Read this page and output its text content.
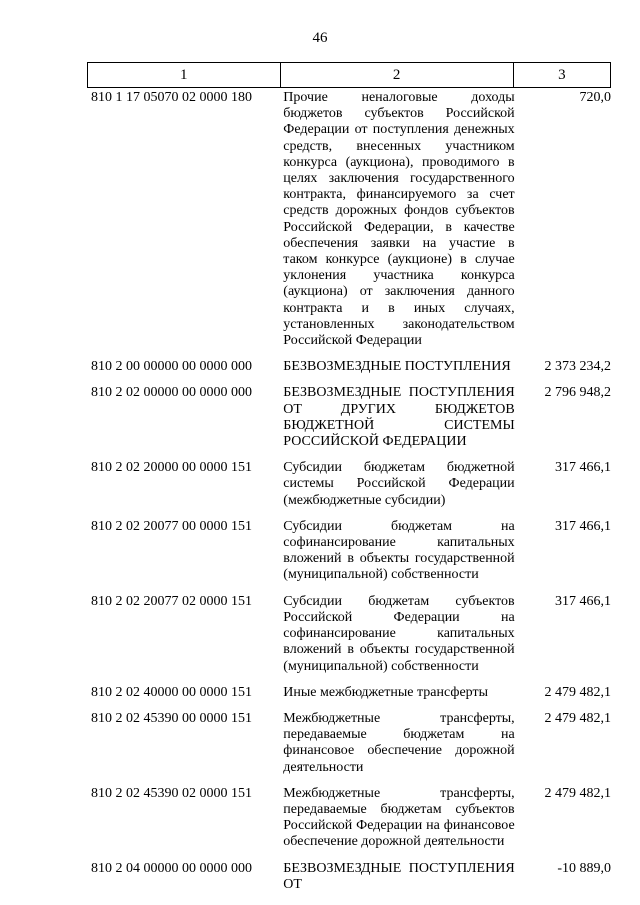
46
1	2	3
810 1 17 05070 02 0000 180	Прочие неналоговые доходы бюджетов субъектов Российской Федерации от поступления денежных средств, внесенных участником конкурса (аукциона), проводимого в целях заключения государственного контракта, финансируемого за счет средств дорожных фондов субъектов Российской Федерации, в качестве обеспечения заявки на участие в таком конкурсе (аукционе) в случае уклонения участника конкурса (аукциона) от заключения данного контракта и в иных случаях, установленных законодательством Российской Федерации	720,0
810 2 00 00000 00 0000 000	БЕЗВОЗМЕЗДНЫЕ ПОСТУПЛЕНИЯ	2 373 234,2
810 2 02 00000 00 0000 000	БЕЗВОЗМЕЗДНЫЕ ПОСТУПЛЕНИЯ ОТ ДРУГИХ БЮДЖЕТОВ БЮДЖЕТНОЙ СИСТЕМЫ РОССИЙСКОЙ ФЕДЕРАЦИИ	2 796 948,2
810 2 02 20000 00 0000 151	Субсидии бюджетам бюджетной системы Российской Федерации (межбюджетные субсидии)	317 466,1
810 2 02 20077 00 0000 151	Субсидии бюджетам на софинансирование капитальных вложений в объекты государственной (муниципальной) собственности	317 466,1
810 2 02 20077 02 0000 151	Субсидии бюджетам субъектов Российской Федерации на софинансирование капитальных вложений в объекты государственной (муниципальной) собственности	317 466,1
810 2 02 40000 00 0000 151	Иные межбюджетные трансферты	2 479 482,1
810 2 02 45390 00 0000 151	Межбюджетные трансферты, передаваемые бюджетам на финансовое обеспечение дорожной деятельности	2 479 482,1
810 2 02 45390 02 0000 151	Межбюджетные трансферты, передаваемые бюджетам субъектов Российской Федерации на финансовое обеспечение дорожной деятельности	2 479 482,1
810 2 04 00000 00 0000 000	БЕЗВОЗМЕЗДНЫЕ ПОСТУПЛЕНИЯ ОТ	-10 889,0
